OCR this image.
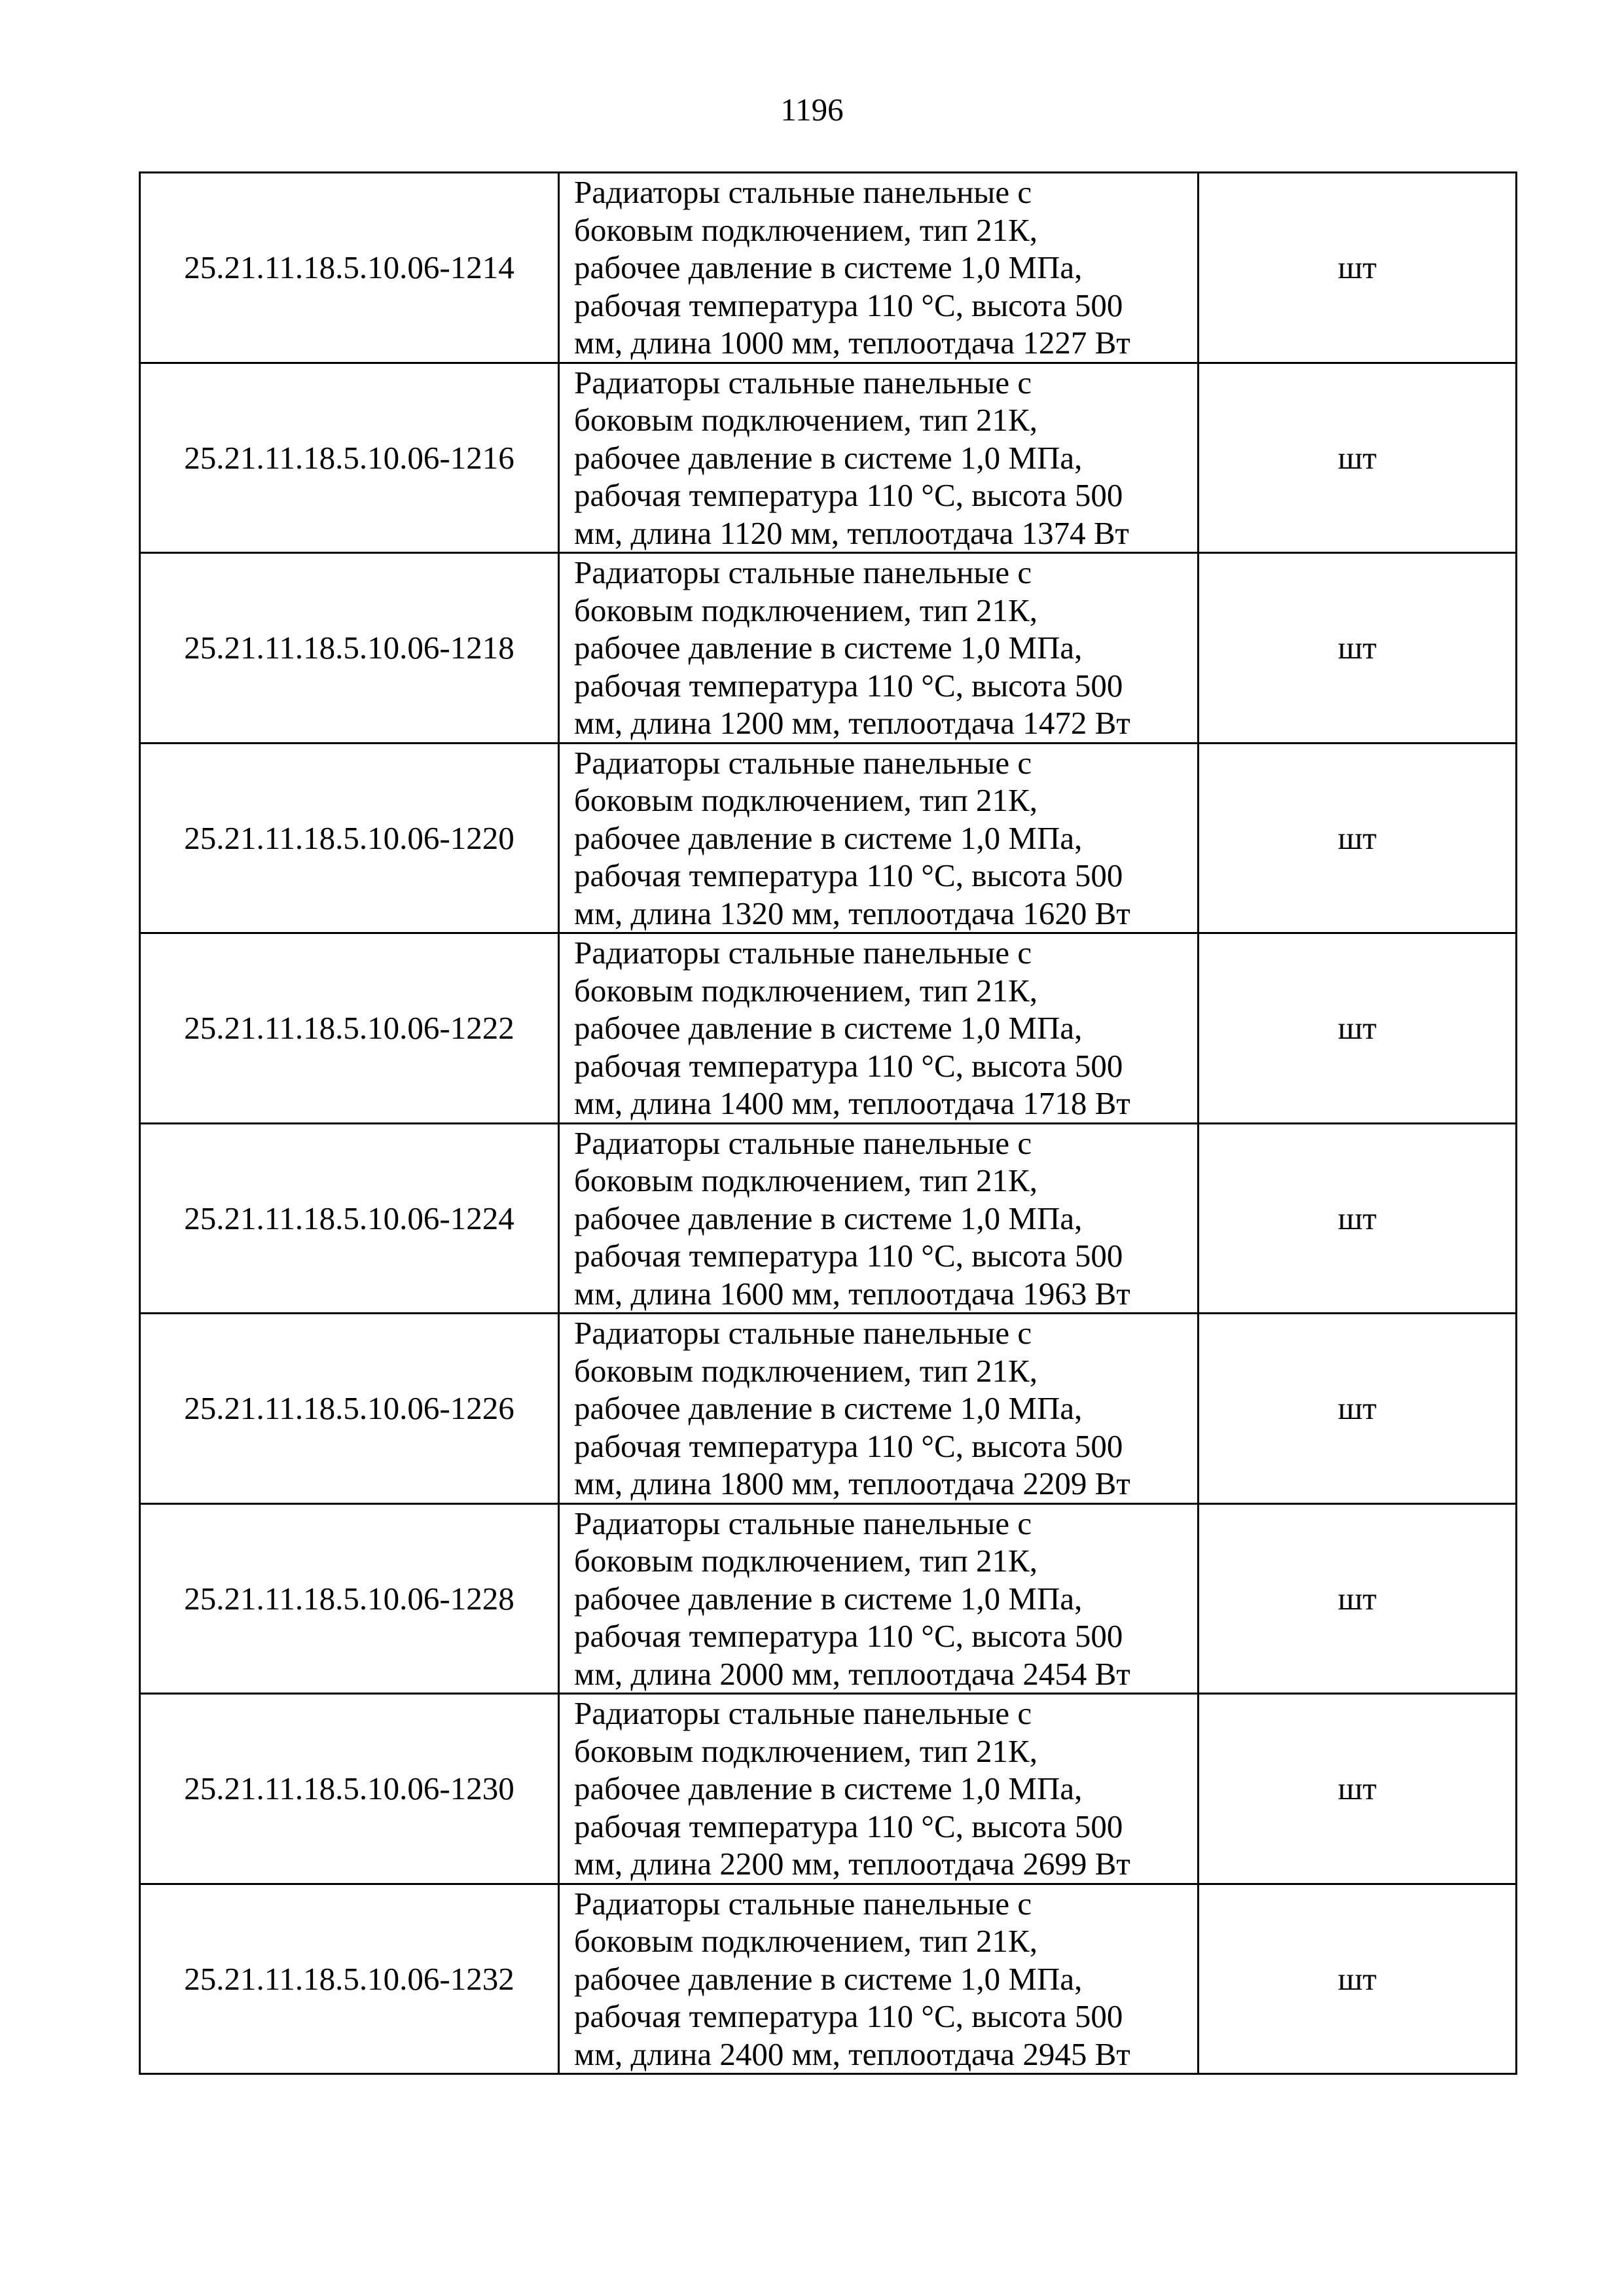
1196
25.21.11.18.5.10.06-1214	Радиаторы стальные панельные с
боковым подключением, тип 21К,
рабочее давление в системе 1,0 МПа,
рабочая температура 110 °С, высота 500
мм, длина 1000 мм, теплоотдача 1227 Вт	шт
25.21.11.18.5.10.06-1216	Радиаторы стальные панельные с
боковым подключением, тип 21К,
рабочее давление в системе 1,0 МПа,
рабочая температура 110 °С, высота 500
мм, длина 1120 мм, теплоотдача 1374 Вт	шт
25.21.11.18.5.10.06-1218	Радиаторы стальные панельные с
боковым подключением, тип 21К,
рабочее давление в системе 1,0 МПа,
рабочая температура 110 °С, высота 500
мм, длина 1200 мм, теплоотдача 1472 Вт	шт
25.21.11.18.5.10.06-1220	Радиаторы стальные панельные с
боковым подключением, тип 21К,
рабочее давление в системе 1,0 МПа,
рабочая температура 110 °С, высота 500
мм, длина 1320 мм, теплоотдача 1620 Вт	шт
25.21.11.18.5.10.06-1222	Радиаторы стальные панельные с
боковым подключением, тип 21К,
рабочее давление в системе 1,0 МПа,
рабочая температура 110 °С, высота 500
мм, длина 1400 мм, теплоотдача 1718 Вт	шт
25.21.11.18.5.10.06-1224	Радиаторы стальные панельные с
боковым подключением, тип 21К,
рабочее давление в системе 1,0 МПа,
рабочая температура 110 °С, высота 500
мм, длина 1600 мм, теплоотдача 1963 Вт	шт
25.21.11.18.5.10.06-1226	Радиаторы стальные панельные с
боковым подключением, тип 21К,
рабочее давление в системе 1,0 МПа,
рабочая температура 110 °С, высота 500
мм, длина 1800 мм, теплоотдача 2209 Вт	шт
25.21.11.18.5.10.06-1228	Радиаторы стальные панельные с
боковым подключением, тип 21К,
рабочее давление в системе 1,0 МПа,
рабочая температура 110 °С, высота 500
мм, длина 2000 мм, теплоотдача 2454 Вт	шт
25.21.11.18.5.10.06-1230	Радиаторы стальные панельные с
боковым подключением, тип 21К,
рабочее давление в системе 1,0 МПа,
рабочая температура 110 °С, высота 500
мм, длина 2200 мм, теплоотдача 2699 Вт	шт
25.21.11.18.5.10.06-1232	Радиаторы стальные панельные с
боковым подключением, тип 21К,
рабочее давление в системе 1,0 МПа,
рабочая температура 110 °С, высота 500
мм, длина 2400 мм, теплоотдача 2945 Вт	шт
